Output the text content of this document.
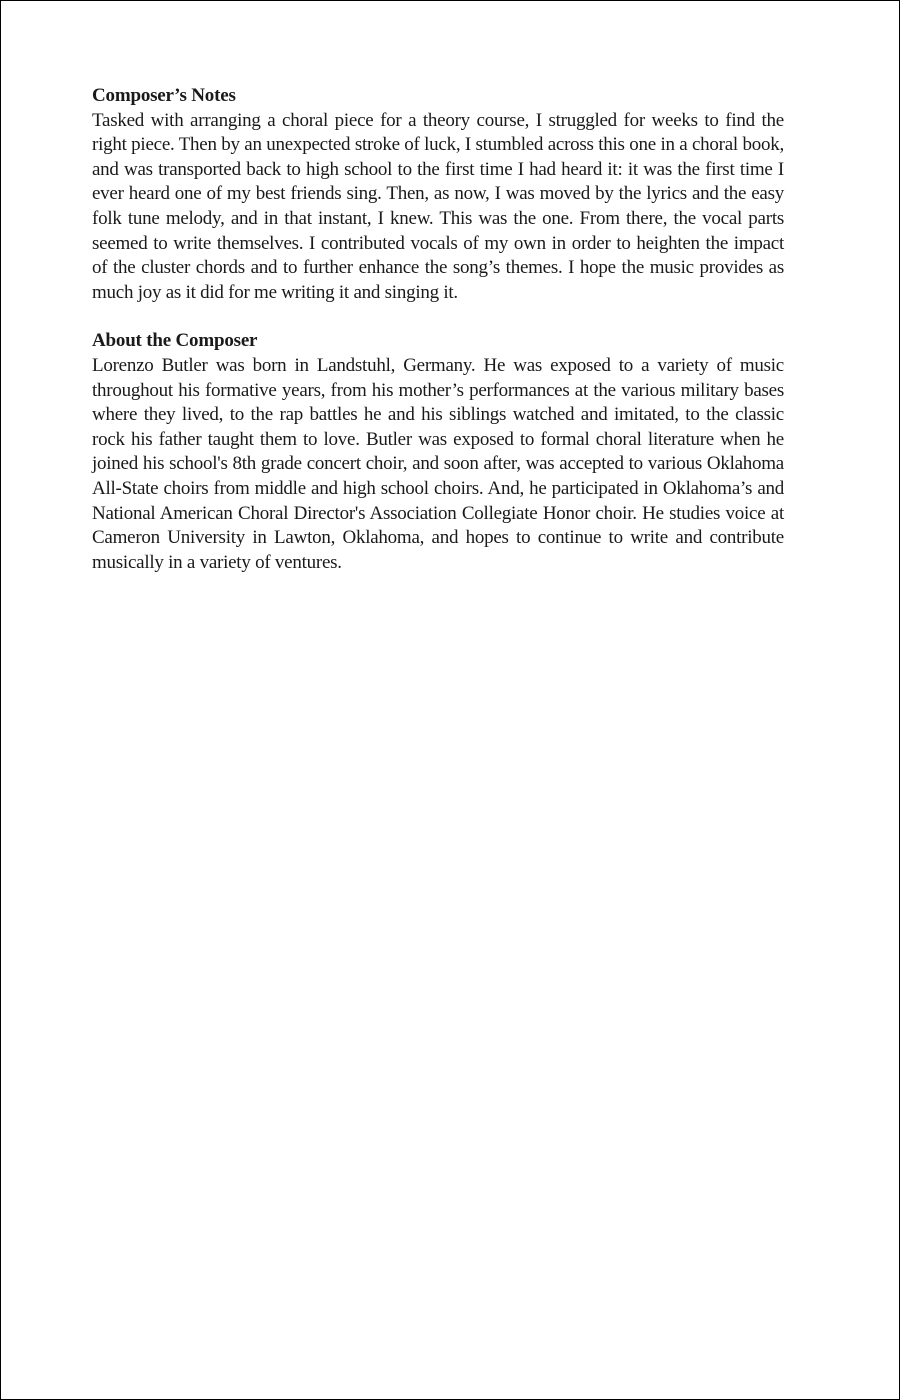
Composer’s Notes

Tasked with arranging a choral piece for a theory course, I struggled for weeks to find the right piece. Then by an unexpected stroke of luck, I stumbled across this one in a choral book, and was transported back to high school to the first time I had heard it: it was the first time I ever heard one of my best friends sing. Then, as now, I was moved by the lyrics and the easy folk tune melody, and in that instant, I knew. This was the one. From there, the vocal parts seemed to write themselves. I contributed vocals of my own in order to heighten the impact of the cluster chords and to further enhance the song’s themes. I hope the music provides as much joy as it did for me writing it and singing it.

About the Composer

Lorenzo Butler was born in Landstuhl, Germany. He was exposed to a variety of music throughout his formative years, from his mother’s performances at the various military bases where they lived, to the rap battles he and his siblings watched and imitated, to the classic rock his father taught them to love. Butler was exposed to formal choral literature when he joined his school's 8th grade concert choir, and soon after, was accepted to various Oklahoma All-State choirs from middle and high school choirs. And, he participated in Oklahoma’s and National American Choral Director's Association Collegiate Honor choir. He studies voice at Cameron University in Lawton, Oklahoma, and hopes to continue to write and contribute musically in a variety of ventures.
